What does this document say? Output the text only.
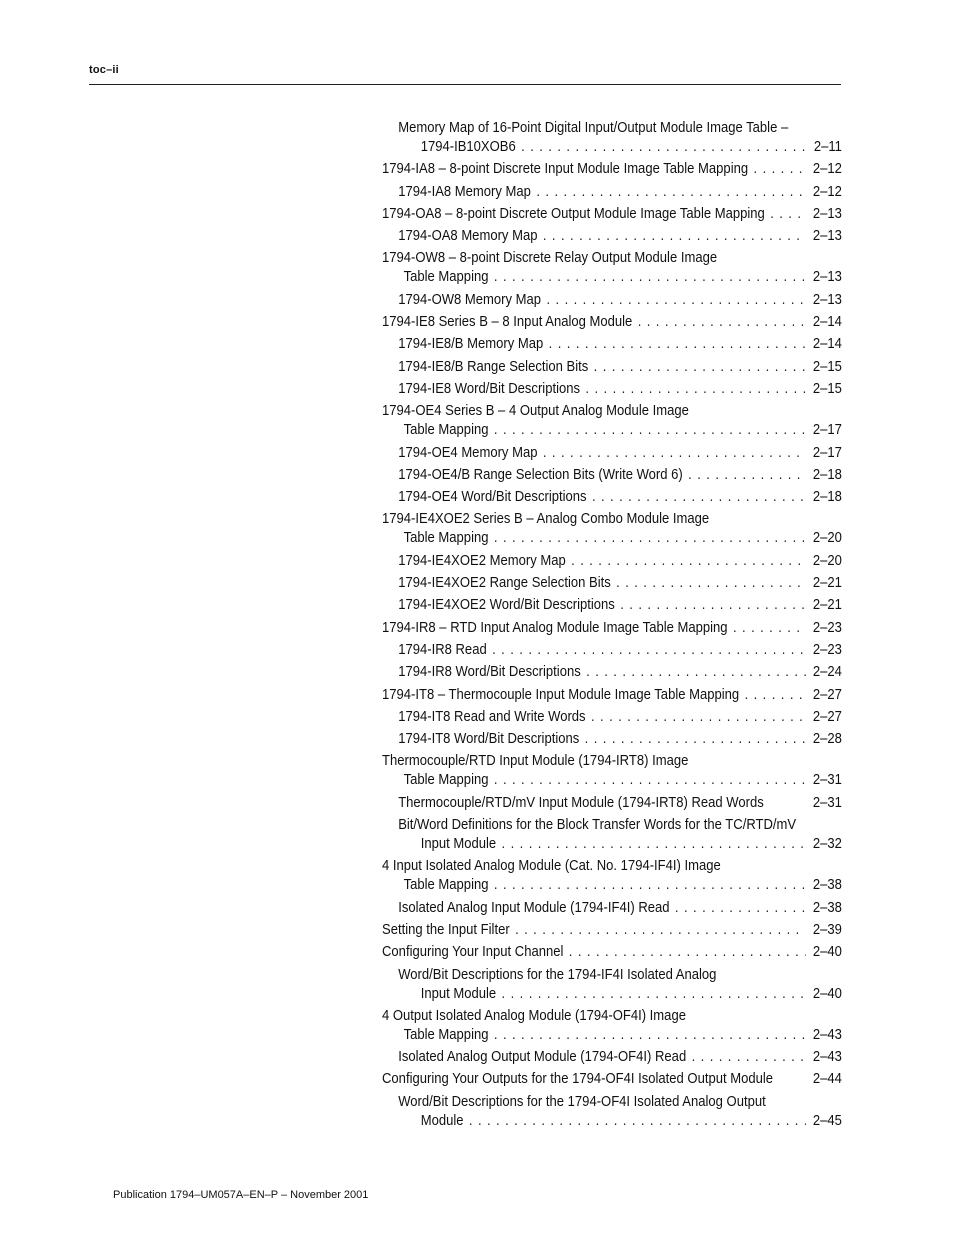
toc–ii
Memory Map of 16-Point Digital Input/Output Module Image Table –
1794-IB10XOB6 . . .	2–11
1794-IA8 – 8-point Discrete Input Module Image Table Mapping . . .	2–12
1794-IA8 Memory Map . . .	2–12
1794-OA8 – 8-point Discrete Output Module Image Table Mapping . . .	2–13
1794-OA8 Memory Map . . .	2–13
1794-OW8 – 8-point Discrete Relay Output Module Image
Table Mapping . . .	2–13
1794-OW8 Memory Map . . .	2–13
1794-IE8 Series B – 8 Input Analog Module . . .	2–14
1794-IE8/B Memory Map . . .	2–14
1794-IE8/B Range Selection Bits . . .	2–15
1794-IE8 Word/Bit Descriptions . . .	2–15
1794-OE4 Series B – 4 Output Analog Module Image
Table Mapping . . .	2–17
1794-OE4 Memory Map . . .	2–17
1794-OE4/B Range Selection Bits (Write Word 6) . . .	2–18
1794-OE4 Word/Bit Descriptions . . .	2–18
1794-IE4XOE2 Series B – Analog Combo Module Image
Table Mapping . . .	2–20
1794-IE4XOE2 Memory Map . . .	2–20
1794-IE4XOE2 Range Selection Bits . . .	2–21
1794-IE4XOE2 Word/Bit Descriptions . . .	2–21
1794-IR8 – RTD Input Analog Module Image Table Mapping . . .	2–23
1794-IR8 Read . . .	2–23
1794-IR8 Word/Bit Descriptions . . .	2–24
1794-IT8 – Thermocouple Input Module Image Table Mapping . . .	2–27
1794-IT8 Read and Write Words . . .	2–27
1794-IT8 Word/Bit Descriptions . . .	2–28
Thermocouple/RTD Input Module (1794-IRT8) Image
Table Mapping . . .	2–31
Thermocouple/RTD/mV Input Module (1794-IRT8) Read Words	2–31
Bit/Word Definitions for the Block Transfer Words for the TC/RTD/mV
Input Module . . .	2–32
4 Input Isolated Analog Module (Cat. No. 1794-IF4I) Image
Table Mapping . . .	2–38
Isolated Analog Input Module (1794-IF4I) Read . . .	2–38
Setting the Input Filter . . .	2–39
Configuring Your Input Channel . . .	2–40
Word/Bit Descriptions for the 1794-IF4I Isolated Analog
Input Module . . .	2–40
4 Output Isolated Analog Module (1794-OF4I) Image
Table Mapping . . .	2–43
Isolated Analog Output Module (1794-OF4I) Read . . .	2–43
Configuring Your Outputs for the 1794-OF4I Isolated Output Module	2–44
Word/Bit Descriptions for the 1794-OF4I Isolated Analog Output
Module . . .	2–45
Publication 1794–UM057A–EN–P – November 2001
